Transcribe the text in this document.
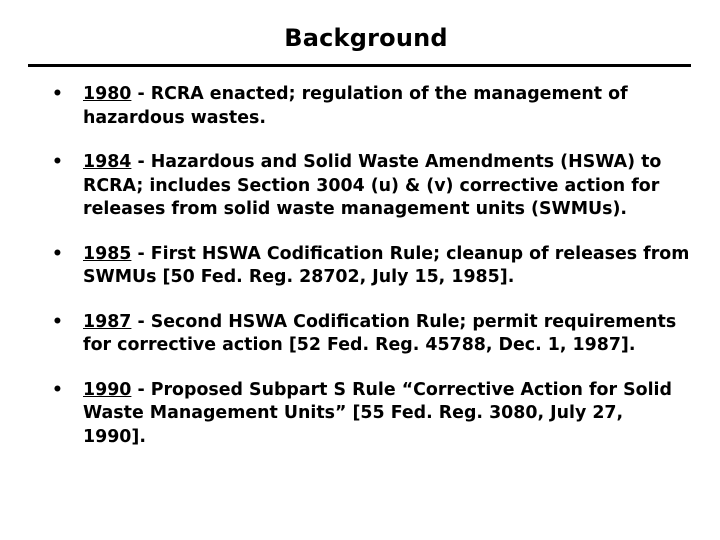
Background
• 1980 - RCRA enacted; regulation of the management of hazardous wastes.
• 1984 - Hazardous and Solid Waste Amendments (HSWA) to RCRA; includes Section 3004 (u) & (v) corrective action for releases from solid waste management units (SWMUs).
• 1985 - First HSWA Codification Rule; cleanup of releases from SWMUs [50 Fed. Reg. 28702, July 15, 1985].
• 1987 - Second HSWA Codification Rule; permit requirements for corrective action [52 Fed. Reg. 45788, Dec. 1, 1987].
• 1990 - Proposed Subpart S Rule “Corrective Action for Solid Waste Management Units” [55 Fed. Reg. 3080, July 27, 1990].
